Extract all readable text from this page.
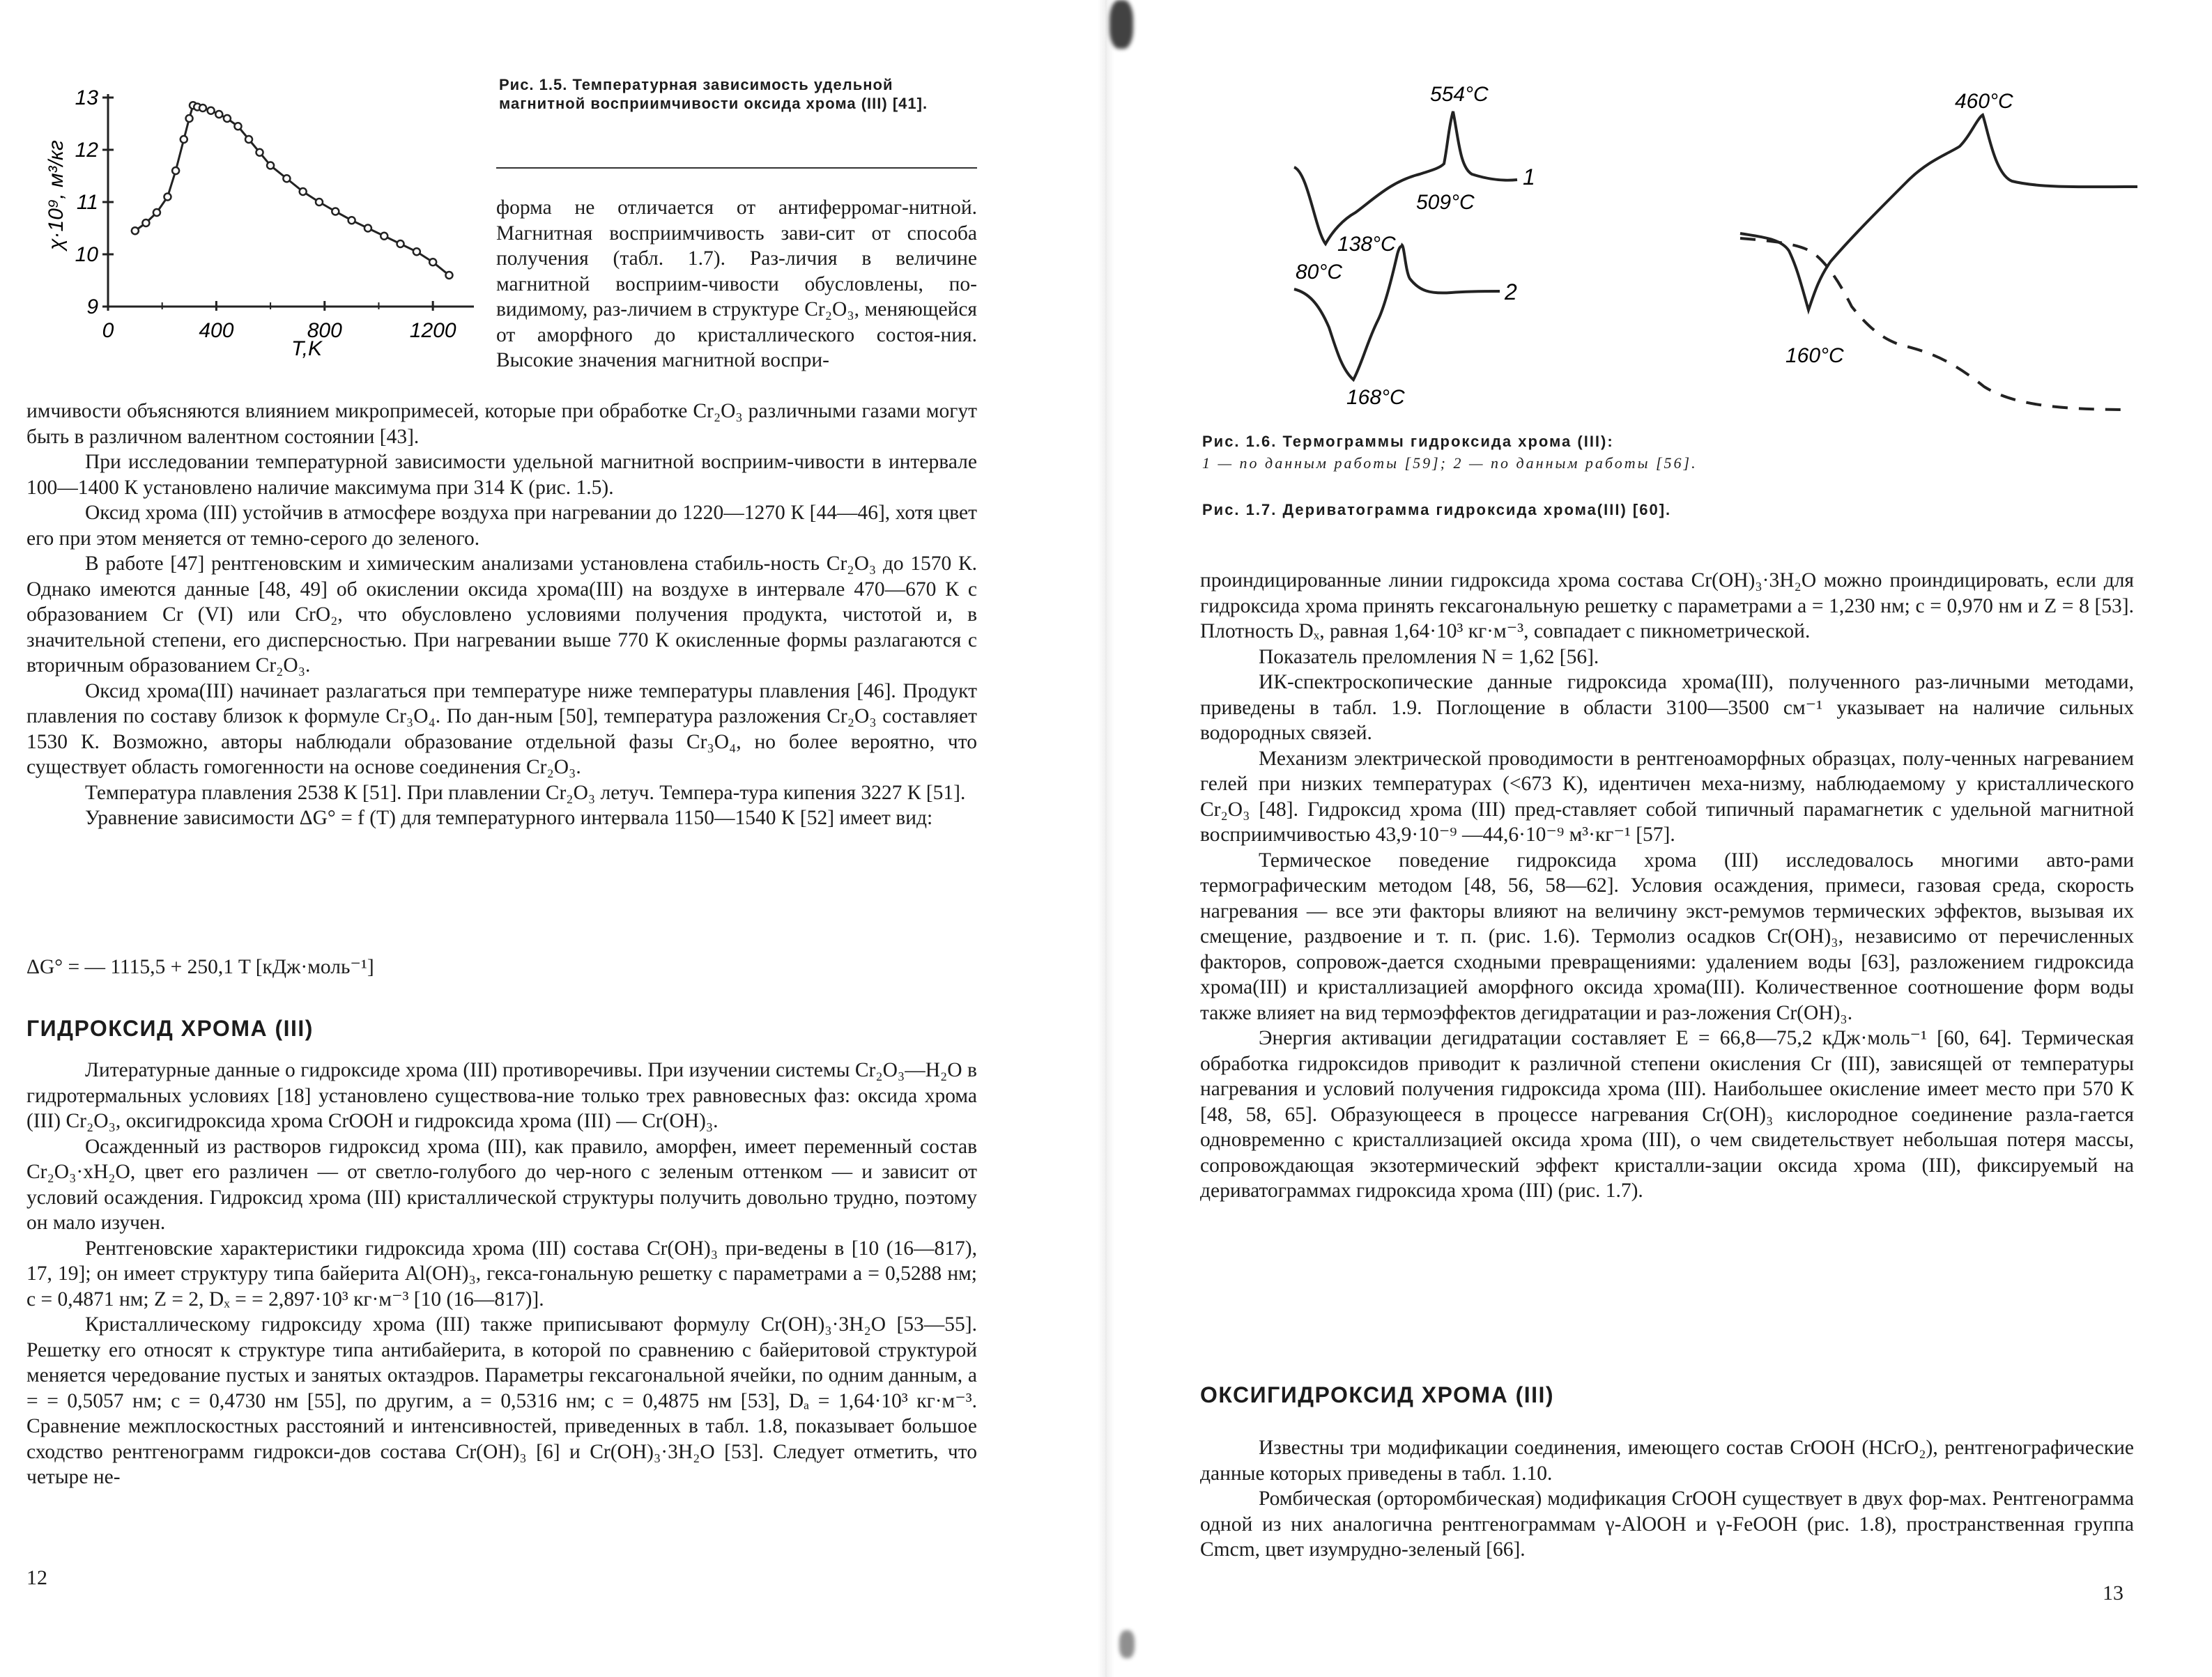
13
12
11
10
9
0	400	800	1200
χ·10⁹, м³/кг
T,K
Рис. 1.5. Температурная зависимость удельной магнитной восприимчивости оксида хрома (III) [41].

форма не отличается от антиферромаг-нитной. Магнитная восприимчивость зави-сит от способа получения (табл. 1.7). Раз-личия в величине магнитной восприим-чивости обусловлены, по-видимому, раз-личием в структуре Cr₂O₃, меняющейся от аморфного до кристаллического состоя-ния. Высокие значения магнитной воспри-

имчивости объясняются влиянием микропримесей, которые при обработке Cr₂O₃ различными газами могут быть в различном валентном состоянии [43].

При исследовании температурной зависимости удельной магнитной восприим-чивости в интервале 100—1400 К установлено наличие максимума при 314 К (рис. 1.5).

Оксид хрома (III) устойчив в атмосфере воздуха при нагревании до 1220—1270 К [44—46], хотя цвет его при этом меняется от темно-серого до зеленого.

В работе [47] рентгеновским и химическим анализами установлена стабиль-ность Cr₂O₃ до 1570 К. Однако имеются данные [48, 49] об окислении оксида хрома(III) на воздухе в интервале 470—670 К с образованием Cr (VI) или CrO₂, что обусловлено условиями получения продукта, чистотой и, в значительной степени, его дисперсностью. При нагревании выше 770 К окисленные формы разлагаются с вторичным образованием Cr₂O₃.

Оксид хрома(III) начинает разлагаться при температуре ниже температуры плавления [46]. Продукт плавления по составу близок к формуле Cr₃O₄. По дан-ным [50], температура разложения Cr₂O₃ составляет 1530 К. Возможно, авторы наблюдали образование отдельной фазы Cr₃O₄, но более вероятно, что существует область гомогенности на основе соединения Cr₂O₃.

Температура плавления 2538 К [51]. При плавлении Cr₂O₃ летуч. Темпера-тура кипения 3227 К [51].

Уравнение зависимости ΔG° = f (T) для температурного интервала 1150—1540 К [52] имеет вид:

ΔG° = — 1115,5 + 250,1 T [кДж·моль⁻¹]
ГИДРОКСИД ХРОМА (III)

Литературные данные о гидроксиде хрома (III) противоречивы. При изучении системы Cr₂O₃—H₂O в гидротермальных условиях [18] установлено существова-ние только трех равновесных фаз: оксида хрома (III) Cr₂O₃, оксигидроксида хрома CrOOH и гидроксида хрома (III) — Cr(OH)₃.

Осажденный из растворов гидроксид хрома (III), как правило, аморфен, имеет переменный состав Cr₂O₃·xH₂O, цвет его различен — от светло-голубого до чер-ного с зеленым оттенком — и зависит от условий осаждения. Гидроксид хрома (III) кристаллической структуры получить довольно трудно, поэтому он мало изучен.

Рентгеновские характеристики гидроксида хрома (III) состава Cr(OH)₃ при-ведены в [10 (16—817), 17, 19]; он имеет структуру типа байерита Al(OH)₃, гекса-гональную решетку с параметрами a = 0,5288 нм; c = 0,4871 нм; Z = 2, Dₓ = = 2,897·10³ кг·м⁻³ [10 (16—817)].

Кристаллическому гидроксиду хрома (III) также приписывают формулу Cr(OH)₃·3H₂O [53—55]. Решетку его относят к структуре типа антибайерита, в которой по сравнению с байеритовой структурой меняется чередование пустых и занятых октаэдров. Параметры гексагональной ячейки, по одним данным, a = = 0,5057 нм; c = 0,4730 нм [55], по другим, a = 0,5316 нм; c = 0,4875 нм [53], Dₐ = 1,64·10³ кг·м⁻³. Сравнение межплоскостных расстояний и интенсивностей, приведенных в табл. 1.8, показывает большое сходство рентгенограмм гидрокси-дов состава Cr(OH)₃ [6] и Cr(OH)₃·3H₂O [53]. Следует отметить, что четыре не-

12
554°C
138°C
80°C
1
509°C
168°C
2
460°C
160°C
Рис. 1.6. Термограммы гидроксида хрома (III):
1 — по данным работы [59]; 2 — по данным работы [56].
Рис. 1.7. Дериватограмма гидроксида хрома(III) [60].

проиндицированные линии гидроксида хрома состава Cr(OH)₃·3H₂O можно проиндицировать, если для гидроксида хрома принять гексагональную решетку с параметрами a = 1,230 нм; c = 0,970 нм и Z = 8 [53]. Плотность Dₓ, равная 1,64·10³ кг·м⁻³, совпадает с пикнометрической.

Показатель преломления N = 1,62 [56].

ИК-спектроскопические данные гидроксида хрома(III), полученного раз-личными методами, приведены в табл. 1.9. Поглощение в области 3100—3500 см⁻¹ указывает на наличие сильных водородных связей.

Механизм электрической проводимости в рентгеноаморфных образцах, полу-ченных нагреванием гелей при низких температурах (<673 К), идентичен меха-низму, наблюдаемому у кристаллического Cr₂O₃ [48]. Гидроксид хрома (III) пред-ставляет собой типичный парамагнетик с удельной магнитной восприимчивостью 43,9·10⁻⁹ —44,6·10⁻⁹ м³·кг⁻¹ [57].

Термическое поведение гидроксида хрома (III) исследовалось многими авто-рами термографическим методом [48, 56, 58—62]. Условия осаждения, примеси, газовая среда, скорость нагревания — все эти факторы влияют на величину экст-ремумов термических эффектов, вызывая их смещение, раздвоение и т. п. (рис. 1.6). Термолиз осадков Cr(OH)₃, независимо от перечисленных факторов, сопровож-дается сходными превращениями: удалением воды [63], разложением гидроксида хрома(III) и кристаллизацией аморфного оксида хрома(III). Количественное соотношение форм воды также влияет на вид термоэффектов дегидратации и раз-ложения Cr(OH)₃.

Энергия активации дегидратации составляет E = 66,8—75,2 кДж·моль⁻¹ [60, 64]. Термическая обработка гидроксидов приводит к различной степени окисления Cr (III), зависящей от температуры нагревания и условий получения гидроксида хрома (III). Наибольшее окисление имеет место при 570 К [48, 58, 65]. Образующееся в процессе нагревания Cr(OH)₃ кислородное соединение разла-гается одновременно с кристаллизацией оксида хрома (III), о чем свидетельствует небольшая потеря массы, сопровождающая экзотермический эффект кристалли-зации оксида хрома (III), фиксируемый на дериватограммах гидроксида хрома (III) (рис. 1.7).

ОКСИГИДРОКСИД ХРОМА (III)

Известны три модификации соединения, имеющего состав CrOOH (HCrO₂), рентгенографические данные которых приведены в табл. 1.10.

Ромбическая (орторомбическая) модификация CrOOH существует в двух фор-мах. Рентгенограмма одной из них аналогична рентгенограммам γ-AlOOH и γ-FeOOH (рис. 1.8), пространственная группа Cmcm, цвет изумрудно-зеленый [66].

13
